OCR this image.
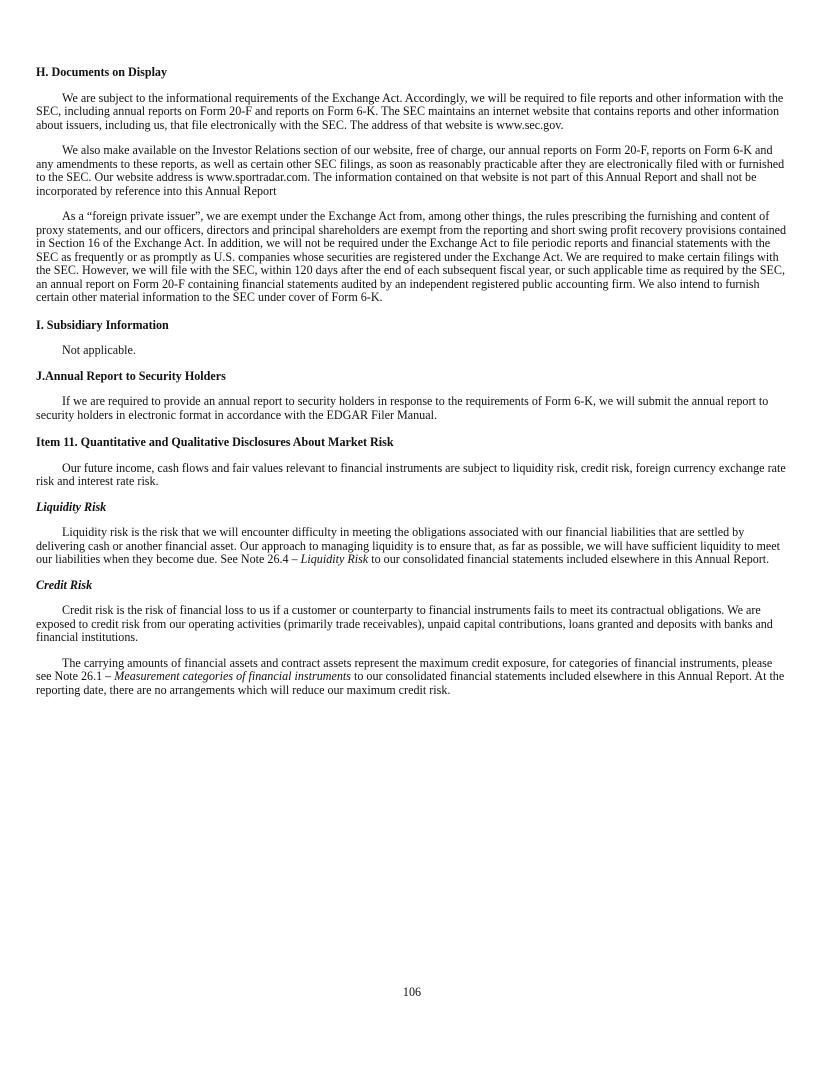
H. Documents on Display

We are subject to the informational requirements of the Exchange Act. Accordingly, we will be required to file reports and other information with the SEC, including annual reports on Form 20-F and reports on Form 6-K. The SEC maintains an internet website that contains reports and other information about issuers, including us, that file electronically with the SEC. The address of that website is www.sec.gov.

We also make available on the Investor Relations section of our website, free of charge, our annual reports on Form 20-F, reports on Form 6-K and any amendments to these reports, as well as certain other SEC filings, as soon as reasonably practicable after they are electronically filed with or furnished to the SEC. Our website address is www.sportradar.com. The information contained on that website is not part of this Annual Report and shall not be incorporated by reference into this Annual Report

As a “foreign private issuer”, we are exempt under the Exchange Act from, among other things, the rules prescribing the furnishing and content of proxy statements, and our officers, directors and principal shareholders are exempt from the reporting and short swing profit recovery provisions contained in Section 16 of the Exchange Act. In addition, we will not be required under the Exchange Act to file periodic reports and financial statements with the SEC as frequently or as promptly as U.S. companies whose securities are registered under the Exchange Act. We are required to make certain filings with the SEC. However, we will file with the SEC, within 120 days after the end of each subsequent fiscal year, or such applicable time as required by the SEC, an annual report on Form 20-F containing financial statements audited by an independent registered public accounting firm. We also intend to furnish certain other material information to the SEC under cover of Form 6-K.

I. Subsidiary Information

Not applicable.

J.Annual Report to Security Holders

If we are required to provide an annual report to security holders in response to the requirements of Form 6-K, we will submit the annual report to security holders in electronic format in accordance with the EDGAR Filer Manual.

Item 11. Quantitative and Qualitative Disclosures About Market Risk

Our future income, cash flows and fair values relevant to financial instruments are subject to liquidity risk, credit risk, foreign currency exchange rate risk and interest rate risk.

Liquidity Risk

Liquidity risk is the risk that we will encounter difficulty in meeting the obligations associated with our financial liabilities that are settled by delivering cash or another financial asset. Our approach to managing liquidity is to ensure that, as far as possible, we will have sufficient liquidity to meet our liabilities when they become due. See Note 26.4 – Liquidity Risk to our consolidated financial statements included elsewhere in this Annual Report.

Credit Risk

Credit risk is the risk of financial loss to us if a customer or counterparty to financial instruments fails to meet its contractual obligations. We are exposed to credit risk from our operating activities (primarily trade receivables), unpaid capital contributions, loans granted and deposits with banks and financial institutions.

The carrying amounts of financial assets and contract assets represent the maximum credit exposure, for categories of financial instruments, please see Note 26.1 – Measurement categories of financial instruments to our consolidated financial statements included elsewhere in this Annual Report. At the reporting date, there are no arrangements which will reduce our maximum credit risk.

106
